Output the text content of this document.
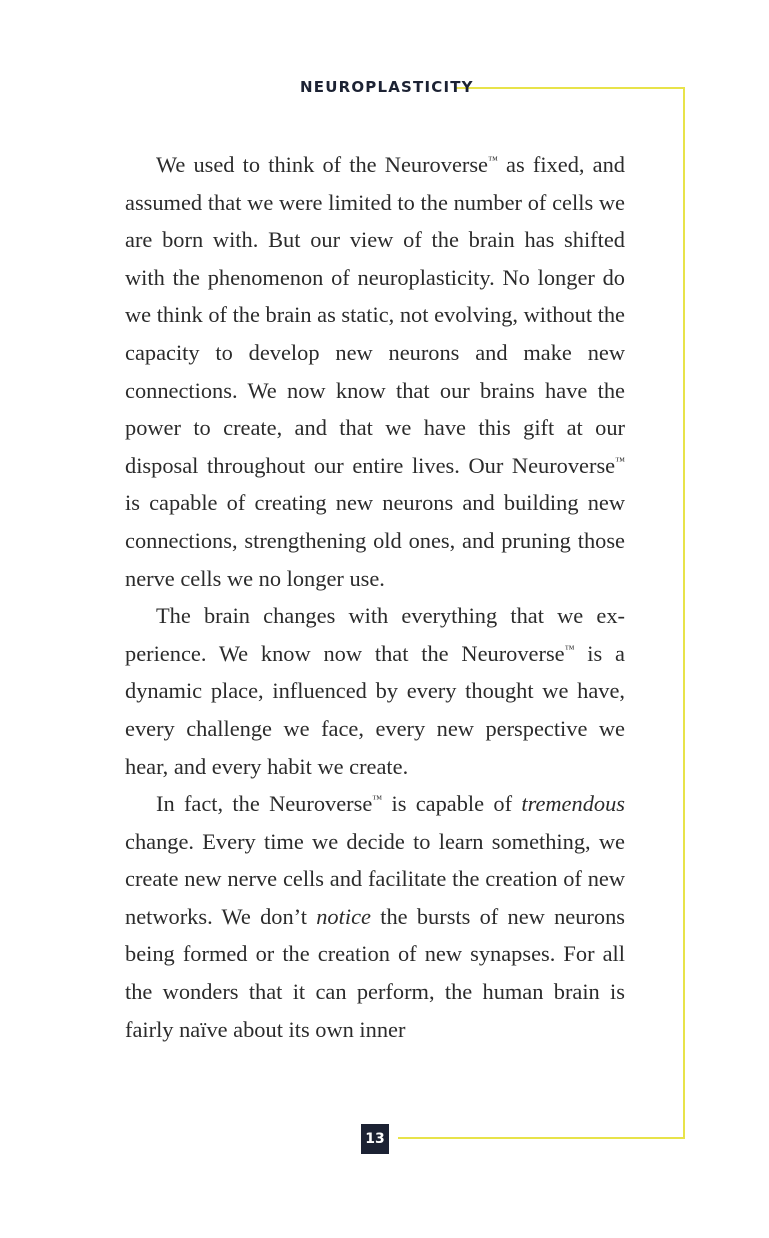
NEUROPLASTICITY

We used to think of the Neuroverse™ as fixed, and assumed that we were limited to the number of cells we are born with. But our view of the brain has shifted with the phenomenon of neuroplasticity. No longer do we think of the brain as static, not evolving, without the capacity to develop new neurons and make new connections. We now know that our brains have the power to create, and that we have this gift at our disposal throughout our entire lives. Our Neuroverse™ is capable of creating new neurons and building new connections, strengthening old ones, and pruning those nerve cells we no longer use.

The brain changes with everything that we experience. We know now that the Neuroverse™ is a dynamic place, influenced by every thought we have, every challenge we face, every new perspective we hear, and every habit we create.

In fact, the Neuroverse™ is capable of tremendous change. Every time we decide to learn something, we create new nerve cells and facilitate the creation of new networks. We don’t notice the bursts of new neurons being formed or the creation of new synapses. For all the wonders that it can perform, the human brain is fairly naïve about its own inner

13
